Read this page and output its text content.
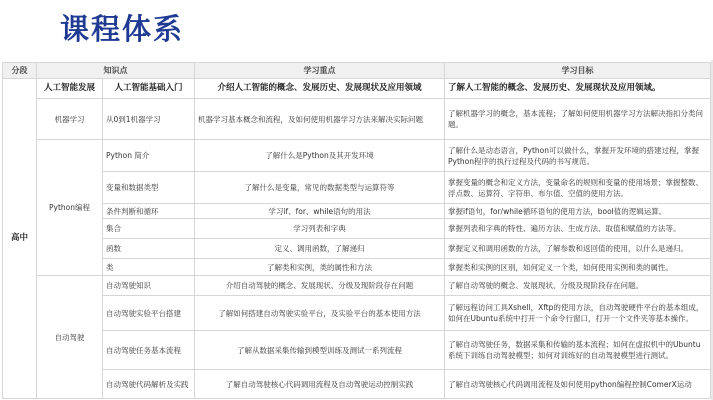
课程体系
分段	知识点		学习重点	学习目标
高中	人工智能发展	人工智能基础入门	介绍人工智能的概念、发展历史、发展现状及应用领域	了解人工智能的概念、发展历史、发展现状及应用领域。
	机器学习	从0到1机器学习	机器学习基本概念和流程，及如何使用机器学习方法来解决实际问题	了解机器学习的概念，基本流程；了解如何使用机器学习方法解决指扣分类问题。
	Python编程	Python 简介	了解什么是Python及其开发环境	了解什么是动态语言，Python可以做什么，掌握开发环境的搭建过程，掌握Python程序的执行过程及代码的书写规范。
		变量和数据类型	了解什么是变量，常见的数据类型与运算符等	掌握变量的概念和定义方法，变量命名的规则和变量的使用场景；掌握整数、浮点数、运算符、字符串、布尔值、空值的使用方法。
		条件判断和循环	学习if、for、while语句的用法	掌握if语句，for/while循环语句的使用方法，bool值的逻辑运算。
		集合	学习列表和字典	掌握列表和字典的特性、遍历方法、生成方法、取值和赋值的方法等。
		函数	定义、调用函数，了解递归	掌握定义和调用函数的方法，了解参数和返回值的使用，以什么是递归。
		类	了解类和实例，类的属性和方法	掌握类和实例的区别，如何定义一个类，如何使用实例和类的属性。
	自动驾驶	自动驾驶知识	介绍自动驾驶的概念、发展现状、分级及现阶段存在问题	了解自动驾驶的概念、发展现状、分级及现阶段存在问题。
		自动驾驶实验平台搭建	了解如何搭建自动驾驶实验平台，及实验平台的基本使用方法	了解远程访问工具Xshell，Xftp的使用方法，自动驾驶硬件平台的基本组成，如何在Ubuntu系统中打开一个命令行窗口，打开一个文件夹等基本操作。
		自动驾驶任务基本流程	了解从数据采集传输到模型训练及测试一系列流程	了解自动驾驶任务，数据采集和传输的基本流程；如何在虚拟机中的Ubuntu系统下训练自动驾驶模型；如何对训练好的自动驾驶模型进行测试。
		自动驾驶代码解析及实践	了解自动驾驶核心代码调用流程及自动驾驶运动控制实践	了解自动驾驶核心代码调用流程及如何使用python编程控制ComerX运动
